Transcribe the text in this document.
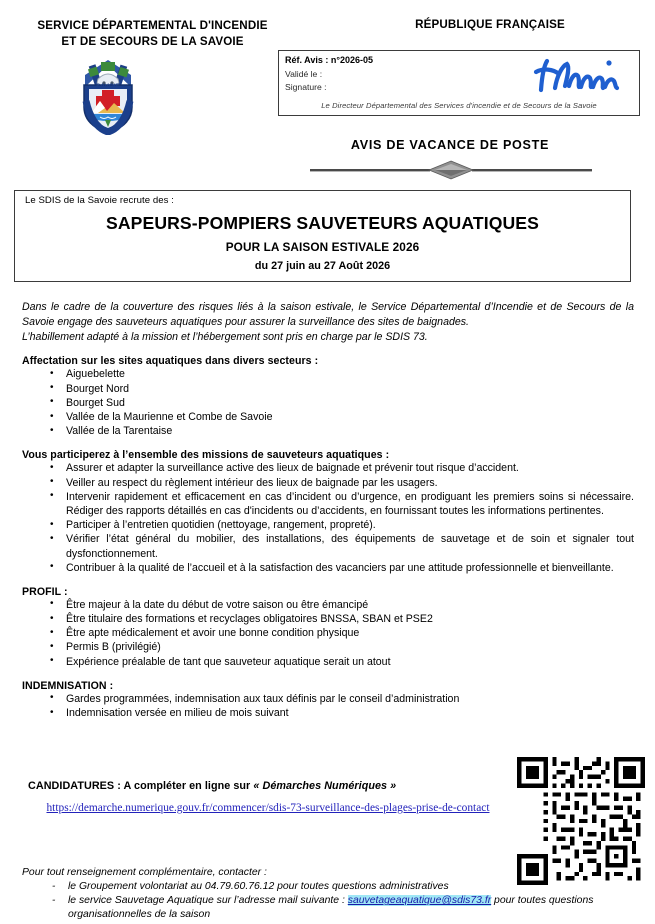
SERVICE DÉPARTEMENTAL D'INCENDIE
ET DE SECOURS DE LA SAVOIE
RÉPUBLIQUE FRANÇAISE
SAVOIE
Réf. Avis : n°2026-05
Validé le :
Signature :
Le Directeur Départemental des Services d'incendie et de Secours de la Savoie
AVIS DE VACANCE DE POSTE
Le SDIS de la Savoie recrute des :
SAPEURS-POMPIERS SAUVETEURS AQUATIQUES
POUR LA SAISON ESTIVALE 2026
du 27 juin au 27 Août 2026

Dans le cadre de la couverture des risques liés à la saison estivale, le Service Départemental d’Incendie et de Secours de la Savoie engage des sauveteurs aquatiques pour assurer la surveillance des sites de baignades.

L’habillement adapté à la mission et l’hébergement sont pris en charge par le SDIS 73.

Affectation sur les sites aquatiques dans divers secteurs :
• Aiguebelette
• Bourget Nord
• Bourget Sud
• Vallée de la Maurienne et Combe de Savoie
• Vallée de la Tarentaise
Vous participerez à l’ensemble des missions de sauveteurs aquatiques :
• Assurer et adapter la surveillance active des lieux de baignade et prévenir tout risque d’accident.
• Veiller au respect du règlement intérieur des lieux de baignade par les usagers.
• Intervenir rapidement et efficacement en cas d’incident ou d’urgence, en prodiguant les premiers soins si nécessaire. Rédiger des rapports détaillés en cas d'incidents ou d’accidents, en fournissant toutes les informations pertinentes.
• Participer à l’entretien quotidien (nettoyage, rangement, propreté).
• Vérifier l’état général du mobilier, des installations, des équipements de sauvetage et de soin et signaler tout dysfonctionnement.
• Contribuer à la qualité de l’accueil et à la satisfaction des vacanciers par une attitude professionnelle et bienveillante.
PROFIL :
• Être majeur à la date du début de votre saison ou être émancipé
• Être titulaire des formations et recyclages obligatoires BNSSA, SBAN et PSE2
• Être apte médicalement et avoir une bonne condition physique
• Permis B (privilégié)
• Expérience préalable de tant que sauveteur aquatique serait un atout
INDEMNISATION :
• Gardes programmées, indemnisation aux taux définis par le conseil d’administration
• Indemnisation versée en milieu de mois suivant
CANDIDATURES : A compléter en ligne sur « Démarches Numériques »
https://demarche.numerique.gouv.fr/commencer/sdis-73-surveillance-des-plages-prise-de-contact

Pour tout renseignement complémentaire, contacter :

- le Groupement volontariat au 04.79.60.76.12 pour toutes questions administratives
- le service Sauvetage Aquatique sur l’adresse mail suivante : sauvetageaquatique@sdis73.fr pour toutes questions organisationnelles de la saison
